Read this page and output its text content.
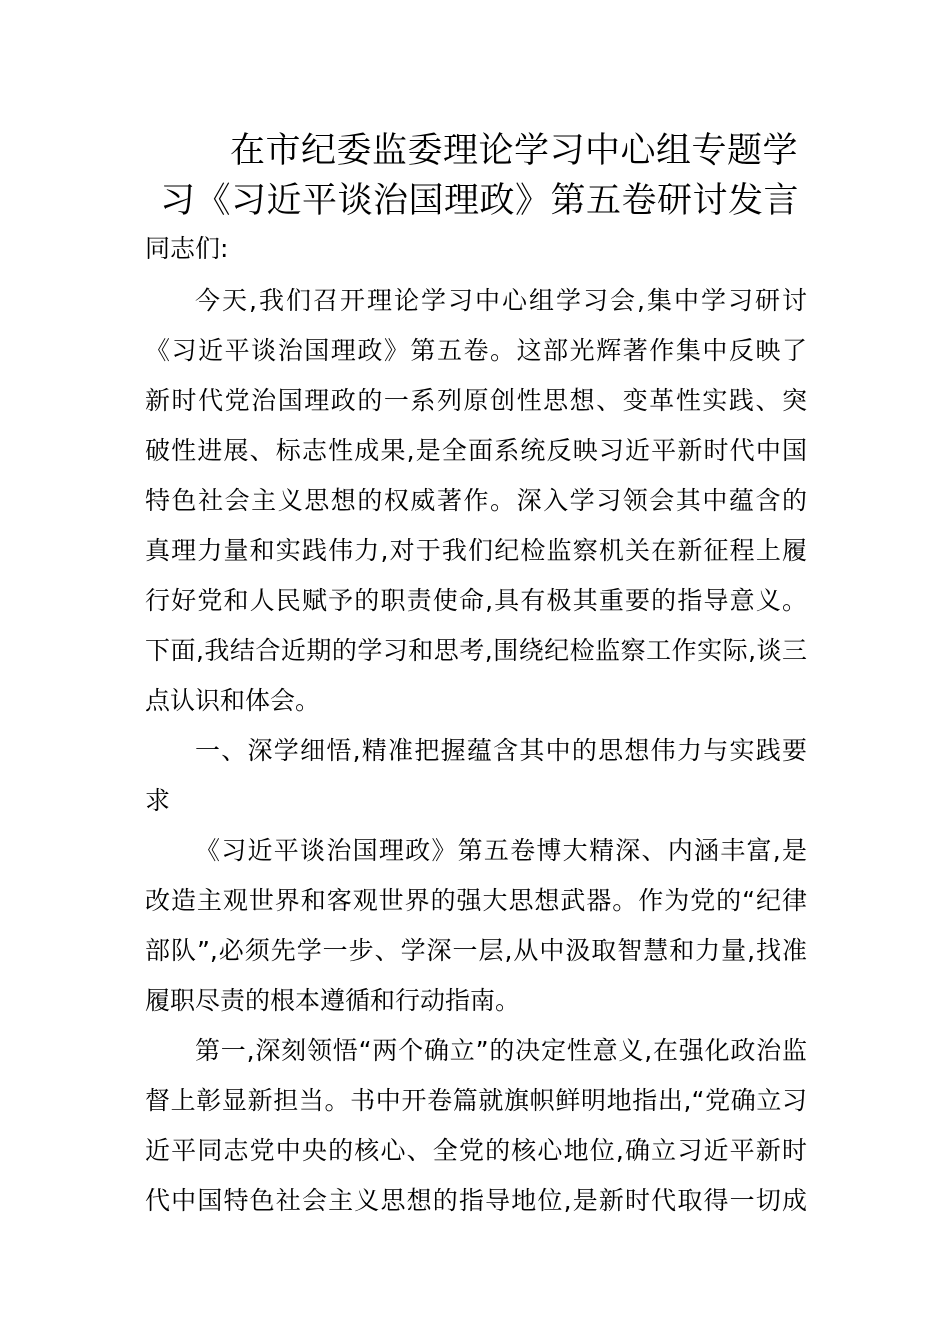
在市纪委监委理论学习中心组专题学
习《习近平谈治国理政》第五卷研讨发言
同志们:
今天,我们召开理论学习中心组学习会,集中学习研讨
《习近平谈治国理政》第五卷。这部光辉著作集中反映了
新时代党治国理政的一系列原创性思想、变革性实践、突
破性进展、标志性成果,是全面系统反映习近平新时代中国
特色社会主义思想的权威著作。深入学习领会其中蕴含的
真理力量和实践伟力,对于我们纪检监察机关在新征程上履
行好党和人民赋予的职责使命,具有极其重要的指导意义。
下面,我结合近期的学习和思考,围绕纪检监察工作实际,谈三
点认识和体会。
一、深学细悟,精准把握蕴含其中的思想伟力与实践要
求
《习近平谈治国理政》第五卷博大精深、内涵丰富,是
改造主观世界和客观世界的强大思想武器。作为党的“纪律
部队”,必须先学一步、学深一层,从中汲取智慧和力量,找准
履职尽责的根本遵循和行动指南。
第一,深刻领悟“两个确立”的决定性意义,在强化政治监
督上彰显新担当。书中开卷篇就旗帜鲜明地指出,“党确立习
近平同志党中央的核心、全党的核心地位,确立习近平新时
代中国特色社会主义思想的指导地位,是新时代取得一切成
